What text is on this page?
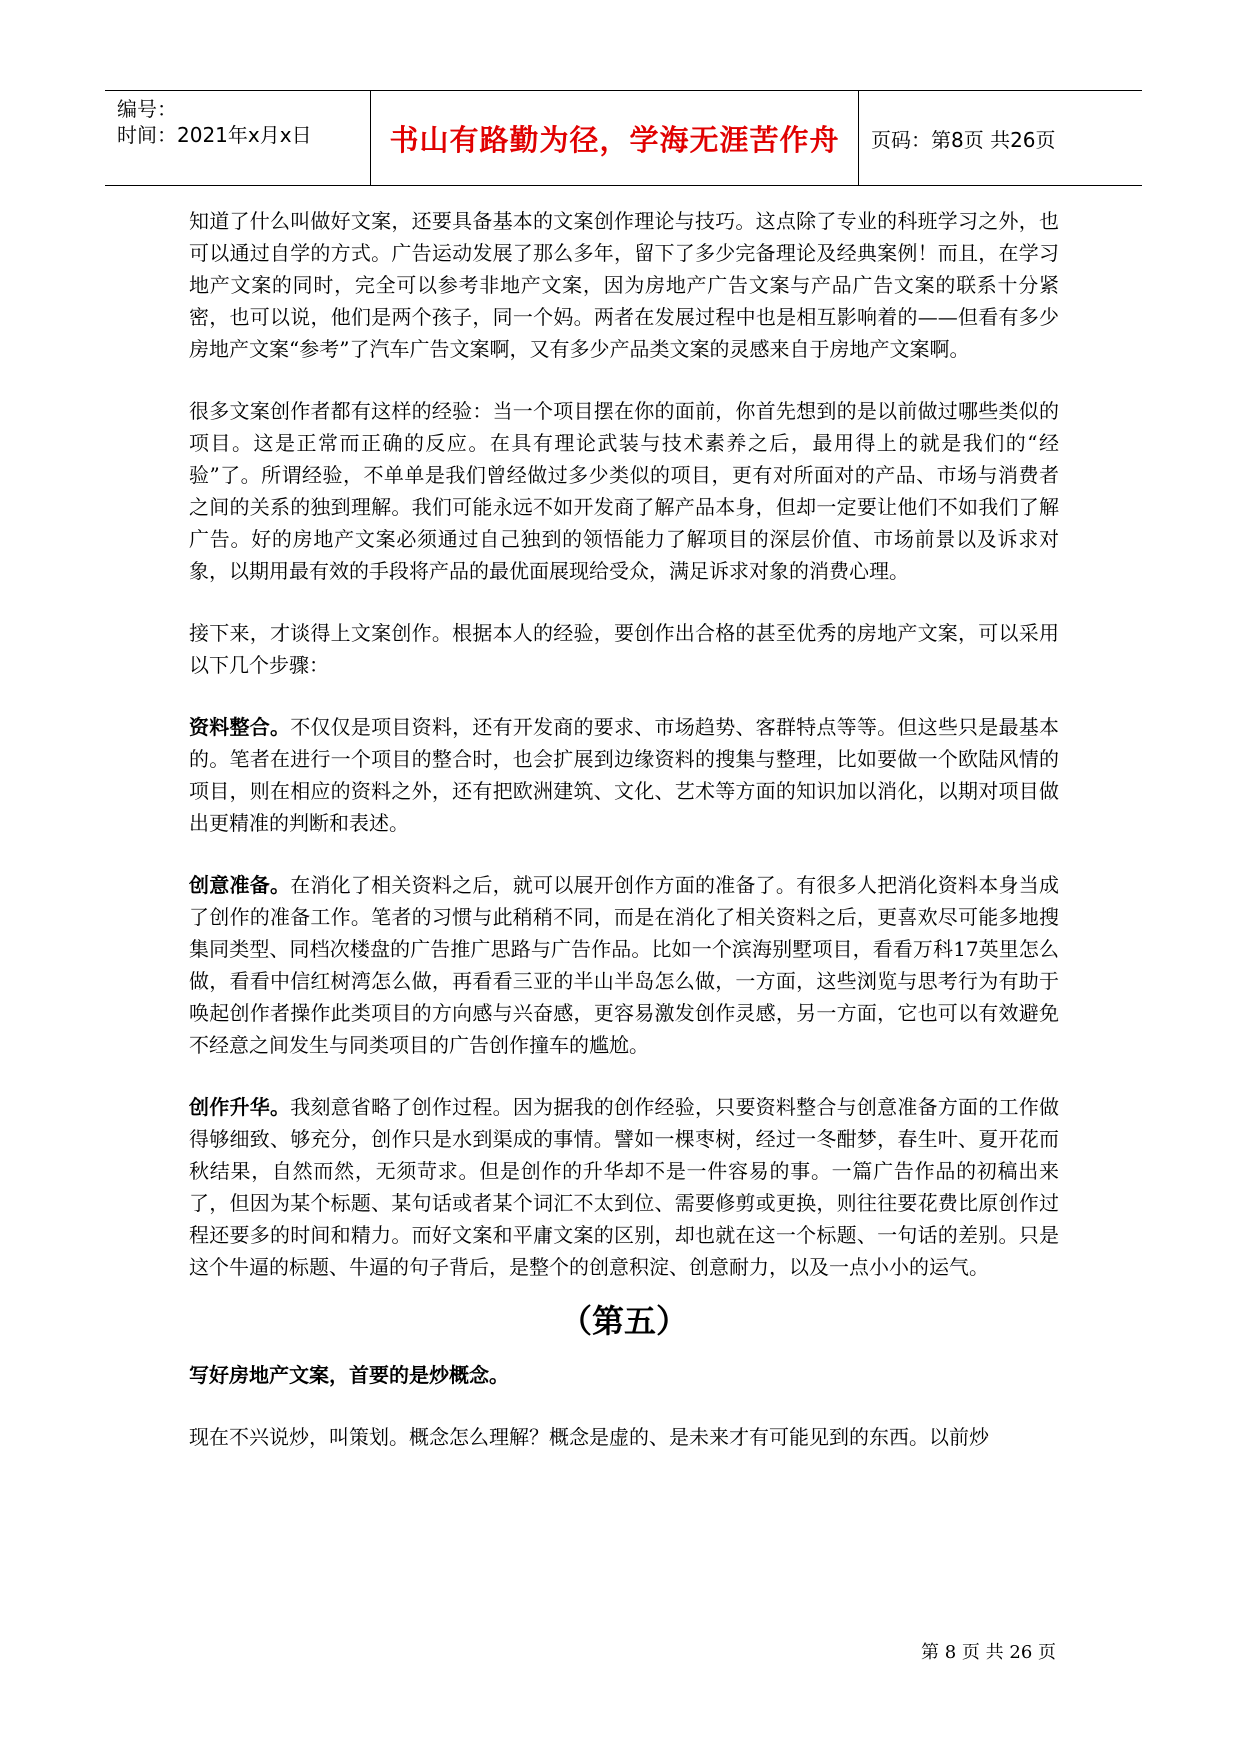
编号：
时间：2021年x月x日	书山有路勤为径，学海无涯苦作舟 页码：第8页 共26页

知道了什么叫做好文案，还要具备基本的文案创作理论与技巧。这点除了专业的科班学习之外，也可以通过自学的方式。广告运动发展了那么多年，留下了多少完备理论及经典案例！而且，在学习地产文案的同时，完全可以参考非地产文案，因为房地产广告文案与产品广告文案的联系十分紧密，也可以说，他们是两个孩子，同一个妈。两者在发展过程中也是相互影响着的——但看有多少房地产文案“参考”了汽车广告文案啊，又有多少产品类文案的灵感来自于房地产文案啊。

很多文案创作者都有这样的经验：当一个项目摆在你的面前，你首先想到的是以前做过哪些类似的项目。这是正常而正确的反应。在具有理论武装与技术素养之后，最用得上的就是我们的“经验”了。所谓经验，不单单是我们曾经做过多少类似的项目，更有对所面对的产品、市场与消费者之间的关系的独到理解。我们可能永远不如开发商了解产品本身，但却一定要让他们不如我们了解广告。好的房地产文案必须通过自己独到的领悟能力了解项目的深层价值、市场前景以及诉求对象，以期用最有效的手段将产品的最优面展现给受众，满足诉求对象的消费心理。

接下来，才谈得上文案创作。根据本人的经验，要创作出合格的甚至优秀的房地产文案，可以采用以下几个步骤：

资料整合。不仅仅是项目资料，还有开发商的要求、市场趋势、客群特点等等。但这些只是最基本的。笔者在进行一个项目的整合时，也会扩展到边缘资料的搜集与整理，比如要做一个欧陆风情的项目，则在相应的资料之外，还有把欧洲建筑、文化、艺术等方面的知识加以消化，以期对项目做出更精准的判断和表述。

创意准备。在消化了相关资料之后，就可以展开创作方面的准备了。有很多人把消化资料本身当成了创作的准备工作。笔者的习惯与此稍稍不同，而是在消化了相关资料之后，更喜欢尽可能多地搜集同类型、同档次楼盘的广告推广思路与广告作品。比如一个滨海别墅项目，看看万科17英里怎么做，看看中信红树湾怎么做，再看看三亚的半山半岛怎么做，一方面，这些浏览与思考行为有助于唤起创作者操作此类项目的方向感与兴奋感，更容易激发创作灵感，另一方面，它也可以有效避免不经意之间发生与同类项目的广告创作撞车的尴尬。

创作升华。我刻意省略了创作过程。因为据我的创作经验，只要资料整合与创意准备方面的工作做得够细致、够充分，创作只是水到渠成的事情。譬如一棵枣树，经过一冬酣梦，春生叶、夏开花而秋结果，自然而然，无须苛求。但是创作的升华却不是一件容易的事。一篇广告作品的初稿出来了，但因为某个标题、某句话或者某个词汇不太到位、需要修剪或更换，则往往要花费比原创作过程还要多的时间和精力。而好文案和平庸文案的区别，却也就在这一个标题、一句话的差别。只是这个牛逼的标题、牛逼的句子背后，是整个的创意积淀、创意耐力，以及一点小小的运气。

（第五）

写好房地产文案，首要的是炒概念。

现在不兴说炒，叫策划。概念怎么理解？概念是虚的、是未来才有可能见到的东西。以前炒

第 8 页 共 26 页
